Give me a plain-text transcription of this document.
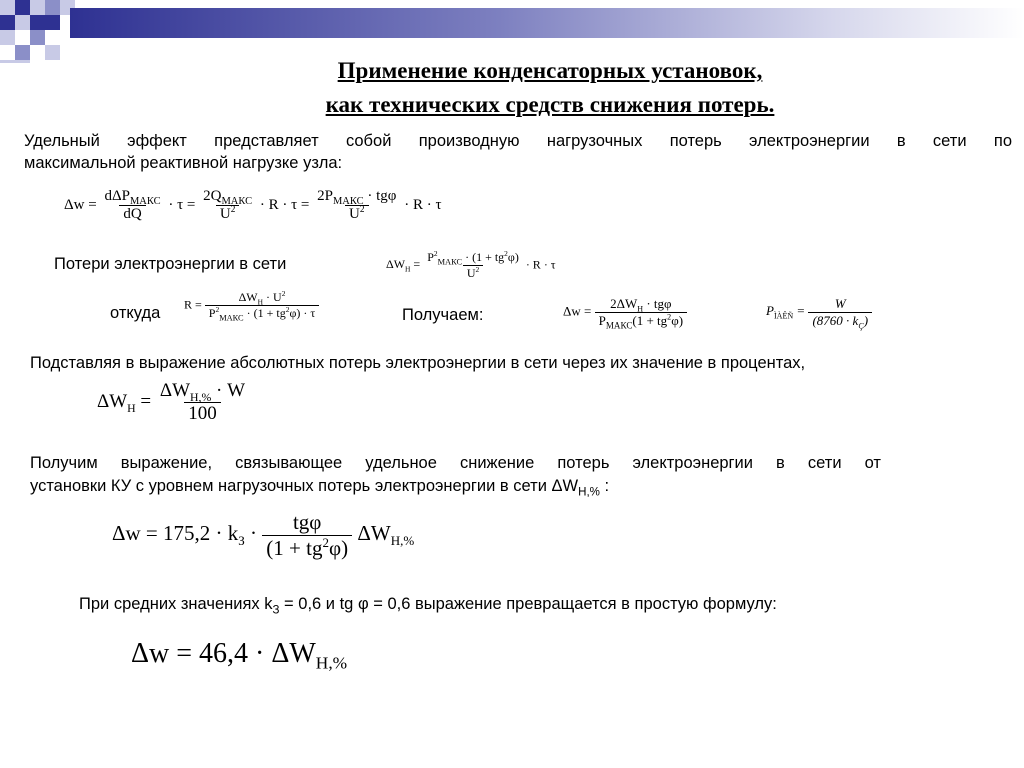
Применение конденсаторных установок,
как технических средств снижения потерь.
Удельный эффект представляет собой производную нагрузочных потерь электроэнергии в сети по
максимальной реактивной нагрузке узла:
$\Delta w = \frac{d\Delta P_{МАКС}}{dQ} \cdot \tau = \frac{2Q_{МАКС}}{U^2} \cdot R \cdot \tau = \frac{2P_{МАКС} \cdot tg\varphi}{U^2} \cdot R \cdot \tau$
Потери электроэнергии в сети	$\Delta W_Н = \frac{P^2_{МАКС} \cdot (1 + tg^2\varphi)}{U^2} \cdot R \cdot \tau$
откуда $R = \frac{\Delta W_Н \cdot U^2}{P^2_{МАКС} \cdot (1 + tg^2\varphi) \cdot \tau}$	Получаем:	$\Delta w = \frac{2\Delta W_Н \cdot tg\varphi}{P_{МАКС}(1 + tg^2\varphi)}$	$P_{ÌÀÊÑ} = \frac{W}{(8760 \cdot k_Ç)}$
Подставляя в выражение абсолютных потерь электроэнергии в сети через их значение в процентах,
$\Delta W_Н = \frac{\Delta W_{Н,\%} \cdot W}{100}$
Получим выражение, связывающее удельное снижение потерь электроэнергии в сети от
установки КУ с уровнем нагрузочных потерь электроэнергии в сети $\Delta W_{Н,\%}$ :
$\Delta w = 175,2 \cdot k_З \cdot \frac{\text{tgφ}}{(1 + tg^2\varphi)} \Delta W_{Н,\%}$
При средних значениях $k_З = 0,6$ и tg φ = 0,6 выражение превращается в простую формулу:
$\Delta w = 46,4 \cdot \Delta W_{Н,\%}$
